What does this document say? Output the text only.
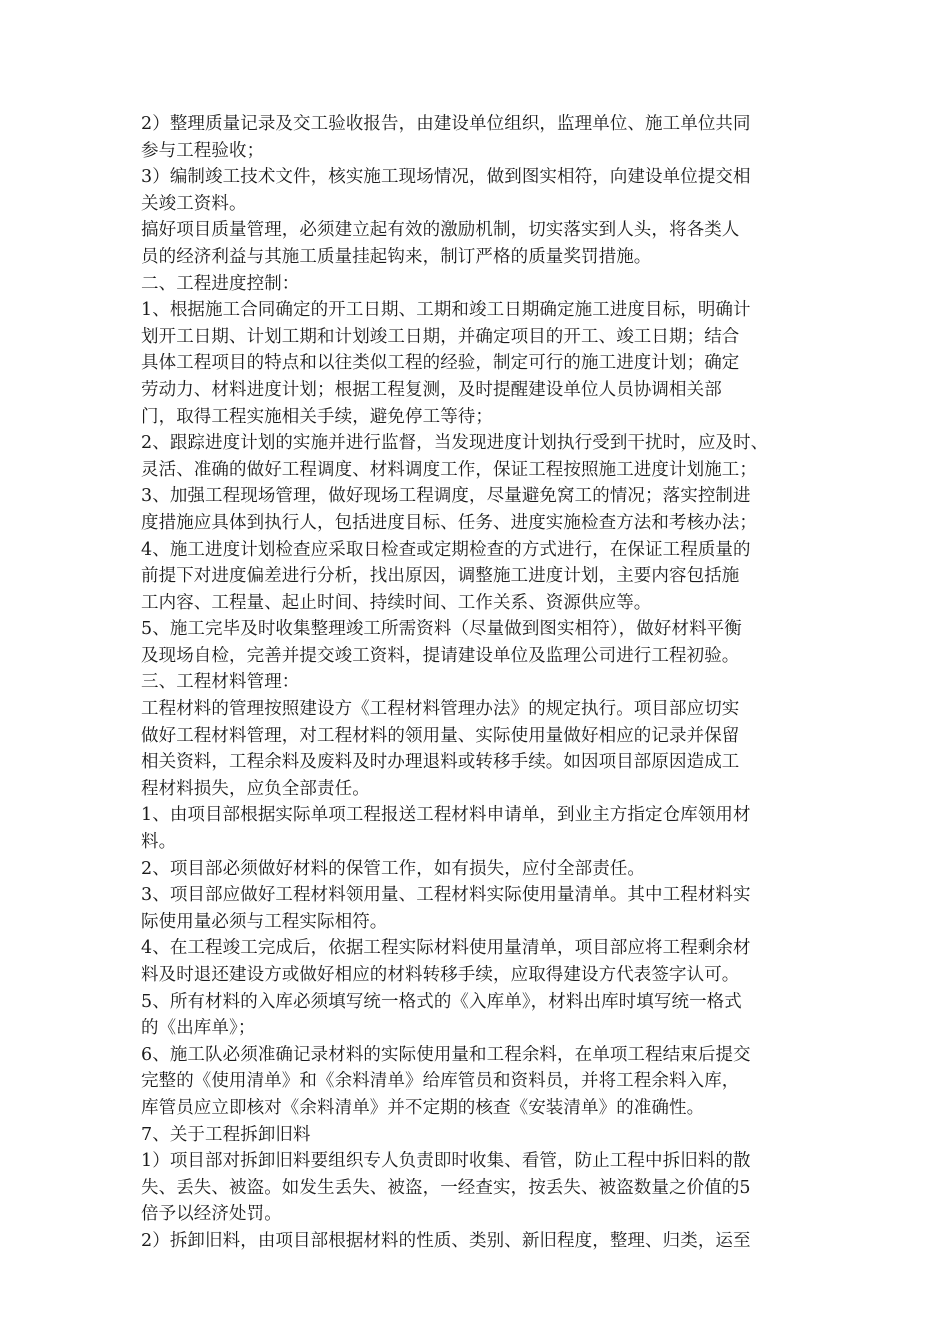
2）整理质量记录及交工验收报告，由建设单位组织，监理单位、施工单位共同
参与工程验收；
3）编制竣工技术文件，核实施工现场情况，做到图实相符，向建设单位提交相
关竣工资料。
搞好项目质量管理，必须建立起有效的激励机制，切实落实到人头，将各类人
员的经济利益与其施工质量挂起钩来，制订严格的质量奖罚措施。
二、工程进度控制：
1、根据施工合同确定的开工日期、工期和竣工日期确定施工进度目标，明确计
划开工日期、计划工期和计划竣工日期，并确定项目的开工、竣工日期；结合
具体工程项目的特点和以往类似工程的经验，制定可行的施工进度计划；确定
劳动力、材料进度计划；根据工程复测，及时提醒建设单位人员协调相关部
门，取得工程实施相关手续，避免停工等待；
2、跟踪进度计划的实施并进行监督，当发现进度计划执行受到干扰时，应及时、
灵活、准确的做好工程调度、材料调度工作，保证工程按照施工进度计划施工；
3、加强工程现场管理，做好现场工程调度，尽量避免窝工的情况；落实控制进
度措施应具体到执行人，包括进度目标、任务、进度实施检查方法和考核办法；
4、施工进度计划检查应采取日检查或定期检查的方式进行，在保证工程质量的
前提下对进度偏差进行分析，找出原因，调整施工进度计划，主要内容包括施
工内容、工程量、起止时间、持续时间、工作关系、资源供应等。
5、施工完毕及时收集整理竣工所需资料（尽量做到图实相符），做好材料平衡
及现场自检，完善并提交竣工资料，提请建设单位及监理公司进行工程初验。
三、工程材料管理：
工程材料的管理按照建设方《工程材料管理办法》的规定执行。项目部应切实
做好工程材料管理，对工程材料的领用量、实际使用量做好相应的记录并保留
相关资料，工程余料及废料及时办理退料或转移手续。如因项目部原因造成工
程材料损失，应负全部责任。
1、由项目部根据实际单项工程报送工程材料申请单，到业主方指定仓库领用材
料。
2、项目部必须做好材料的保管工作，如有损失，应付全部责任。
3、项目部应做好工程材料领用量、工程材料实际使用量清单。其中工程材料实
际使用量必须与工程实际相符。
4、在工程竣工完成后，依据工程实际材料使用量清单，项目部应将工程剩余材
料及时退还建设方或做好相应的材料转移手续，应取得建设方代表签字认可。
5、所有材料的入库必须填写统一格式的《入库单》，材料出库时填写统一格式
的《出库单》；
6、施工队必须准确记录材料的实际使用量和工程余料，在单项工程结束后提交
完整的《使用清单》和《余料清单》给库管员和资料员，并将工程余料入库，
库管员应立即核对《余料清单》并不定期的核查《安装清单》的准确性。
7、关于工程拆卸旧料
1）项目部对拆卸旧料要组织专人负责即时收集、看管，防止工程中拆旧料的散
失、丢失、被盗。如发生丢失、被盗，一经查实，按丢失、被盗数量之价值的5
倍予以经济处罚。
2）拆卸旧料，由项目部根据材料的性质、类别、新旧程度，整理、归类，运至
